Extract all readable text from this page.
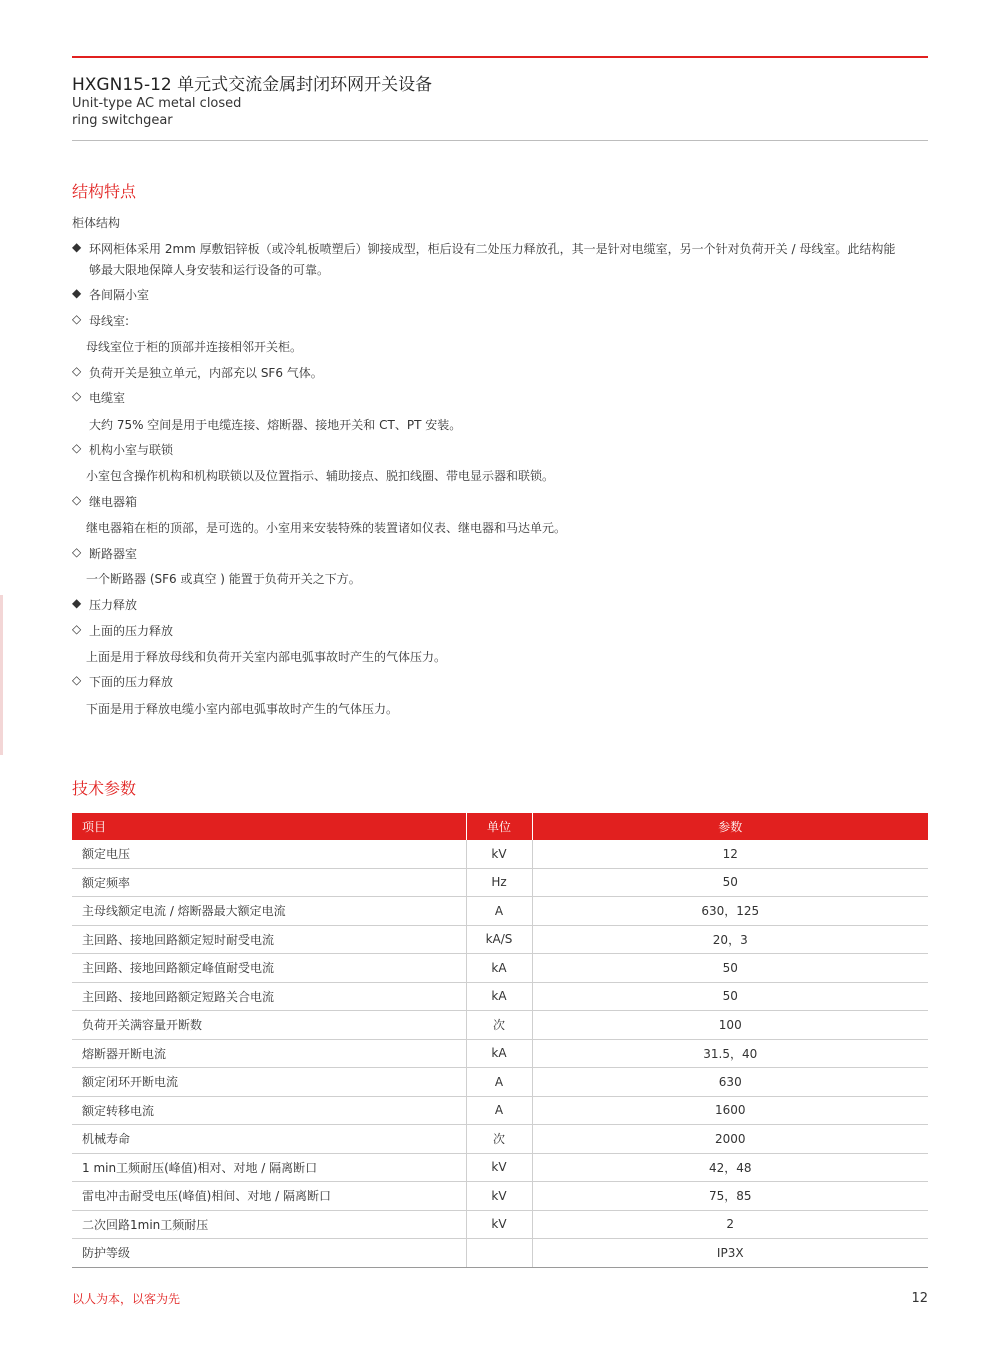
HXGN15-12 单元式交流金属封闭环网开关设备
Unit-type AC metal closed
ring switchgear
结构特点
柜体结构
◆ 环网柜体采用 2mm 厚敷铝锌板（或冷轧板喷塑后）铆接成型，柜后设有二处压力释放孔，其一是针对电缆室，另一个针对负荷开关 / 母线室。此结构能
够最大限地保障人身安装和运行设备的可靠。
◆ 各间隔小室
◇ 母线室:
母线室位于柜的顶部并连接相邻开关柜。
◇ 负荷开关是独立单元，内部充以 SF6 气体。
◇ 电缆室
大约 75% 空间是用于电缆连接、熔断器、接地开关和 CT、PT 安装。
◇ 机构小室与联锁
小室包含操作机构和机构联锁以及位置指示、辅助接点、脱扣线圈、带电显示器和联锁。
◇ 继电器箱
继电器箱在柜的顶部，是可选的。小室用来安装特殊的装置诸如仪表、继电器和马达单元。
◇ 断路器室
一个断路器 (SF6 或真空 ) 能置于负荷开关之下方。
◆ 压力释放
◇ 上面的压力释放
上面是用于释放母线和负荷开关室内部电弧事故时产生的气体压力。
◇ 下面的压力释放
下面是用于释放电缆小室内部电弧事故时产生的气体压力。
技术参数
项目	单位	参数
额定电压	kV	12
额定频率	Hz	50
主母线额定电流 / 熔断器最大额定电流	A	630，125
主回路、接地回路额定短时耐受电流	kA/S	20，3
主回路、接地回路额定峰值耐受电流	kA	50
主回路、接地回路额定短路关合电流	kA	50
负荷开关满容量开断数	次	100
熔断器开断电流	kA	31.5，40
额定闭环开断电流	A	630
额定转移电流	A	1600
机械寿命	次	2000
1 min工频耐压(峰值)相对、对地 / 隔离断口	kV	42，48
雷电冲击耐受电压(峰值)相间、对地 / 隔离断口	kV	75，85
二次回路1min工频耐压	kV	2
防护等级		IP3X
以人为本，以客为先	12
